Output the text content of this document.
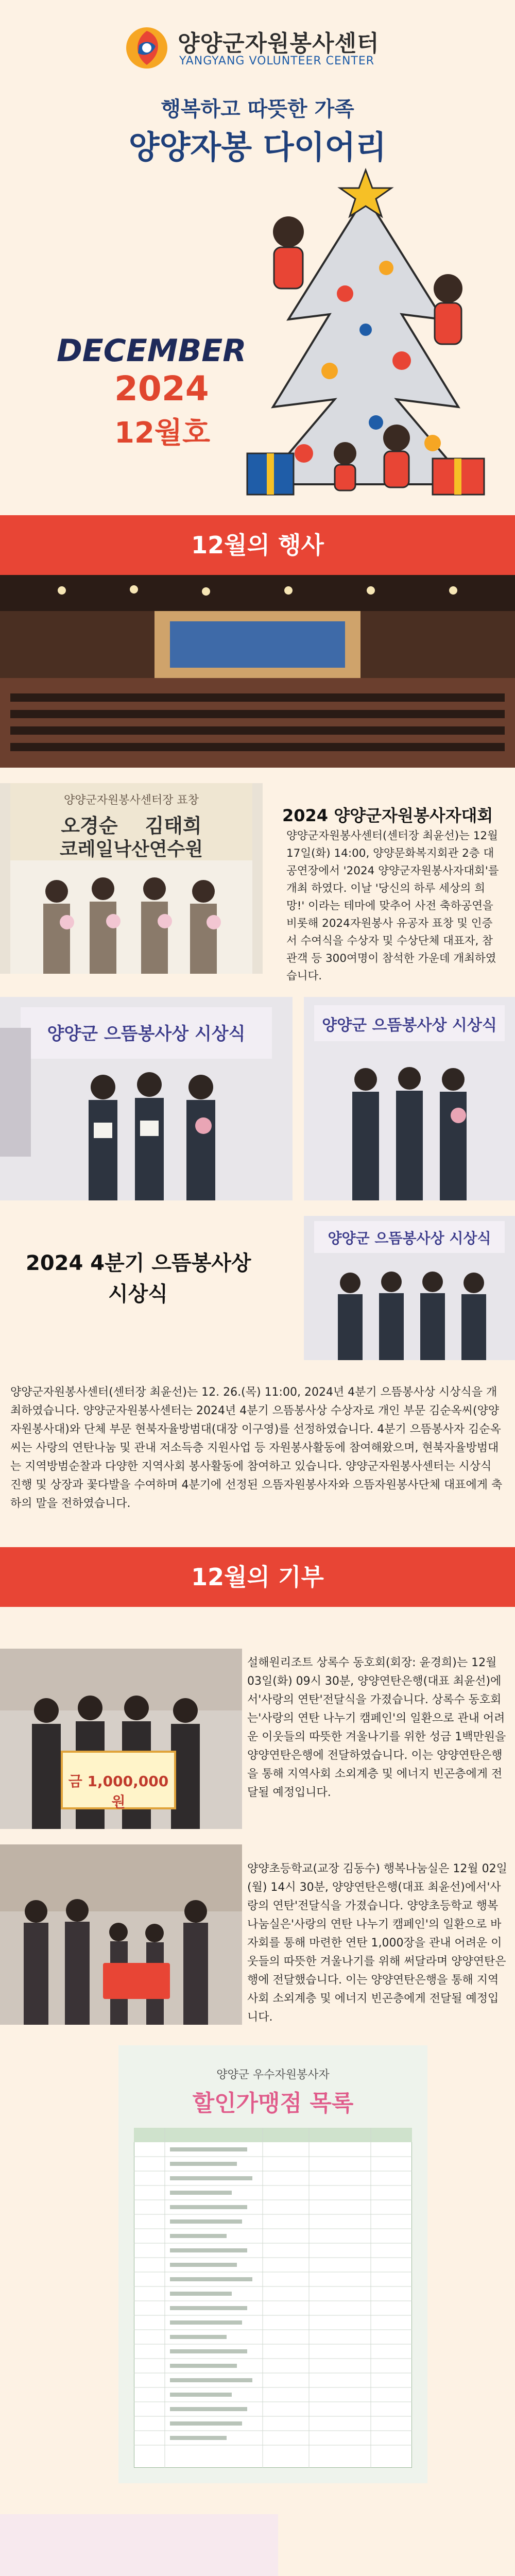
양양군자원봉사센터
YANGYANG VOLUNTEER CENTER
행복하고 따뜻한 가족
양양자봉 다이어리
DECEMBER
2024
12월호
12월의 행사
양양군자원봉사센터장 표창
오경순    김태희
코레일낙산연수원
2024 양양군자원봉사자대회
양양군자원봉사센터(센터장 최윤선)는 12월 17일(화) 14:00, 양양문화복지회관 2층 대공연장에서 '2024 양양군자원봉사자대회'를 개최 하였다. 이날 '당신의 하루 세상의 희망!' 이라는 테마에 맞추어 사전 축하공연을 비롯해 2024자원봉사 유공자 표창 및 인증서 수여식을 수상자 및 수상단체 대표자, 참관객 등 300여명이 참석한 가운데 개최하였습니다.
양양군 으뜸봉사상 시상식	양양군 으뜸봉사상 시상식
양양군 으뜸봉사상 시상식
2024 4분기 으뜸봉사상
시상식
양양군자원봉사센터(센터장 최윤선)는 12. 26.(목) 11:00, 2024년 4분기 으뜸봉사상 시상식을 개최하였습니다. 양양군자원봉사센터는 2024년 4분기 으뜸봉사상 수상자로 개인 부문 김순옥씨(양양자원봉사대)와 단체 부문 현북자율방범대(대장 이구영)를 선정하였습니다. 4분기 으뜸봉사자 김순옥씨는 사랑의 연탄나눔 및 관내 저소득층 지원사업 등 자원봉사활동에 참여해왔으며, 현북자율방범대는 지역방범순찰과 다양한 지역사회 봉사활동에 참여하고 있습니다. 양양군자원봉사센터는 시상식 진행 및 상장과 꽃다발을 수여하며 4분기에 선정된 으뜸자원봉사자와 으뜸자원봉사단체 대표에게 축하의 말을 전하였습니다.
12월의 기부
금 1,000,000원
설해원리조트 상록수 동호회(회장: 윤경희)는 12월 03일(화) 09시 30분, 양양연탄은행(대표 최윤선)에서'사랑의 연탄'전달식을 가졌습니다. 상록수 동호회는'사랑의 연탄 나누기 캠페인'의 일환으로 관내 어려운 이웃들의 따뜻한 겨울나기를 위한 성금 1백만원을 양양연탄은행에 전달하였습니다. 이는 양양연탄은행을 통해 지역사회 소외계층 및 에너지 빈곤층에게 전달될 예정입니다.
양양초등학교(교장 김동수) 행복나눔실은 12월 02일(월) 14시 30분, 양양연탄은행(대표 최윤선)에서'사랑의 연탄'전달식을 가졌습니다. 양양초등학교 행복나눔실은'사랑의 연탄 나누기 캠페인'의 일환으로 바자회를 통해 마련한 연탄 1,000장을 관내 어려운 이웃들의 따뜻한 겨울나기를 위해 써달라며 양양연탄은행에 전달했습니다. 이는 양양연탄은행을 통해 지역사회 소외계층 및 에너지 빈곤층에게 전달될 예정입니다.
양양군 우수자원봉사자
할인가맹점 목록
